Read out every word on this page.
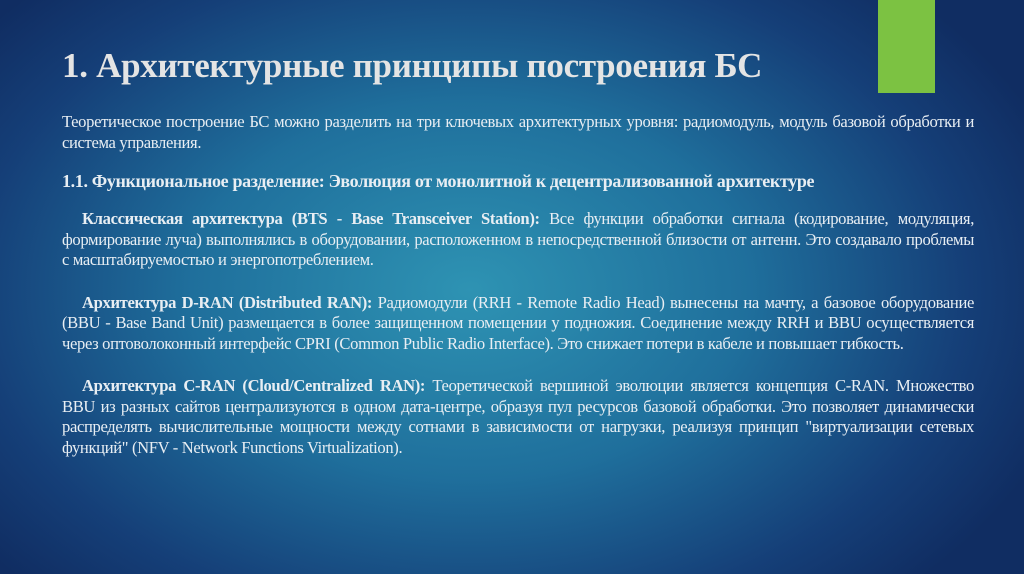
1. Архитектурные принципы построения БС

Теоретическое построение БС можно разделить на три ключевых архитектурных уровня: радиомодуль, модуль базовой обработки и система управления.

1.1. Функциональное разделение: Эволюция от монолитной к децентрализованной архитектуре

Классическая архитектура (BTS - Base Transceiver Station): Все функции обработки сигнала (кодирование, модуляция, формирование луча) выполнялись в оборудовании, расположенном в непосредственной близости от антенн. Это создавало проблемы с масштабируемостью и энергопотреблением.

Архитектура D-RAN (Distributed RAN): Радиомодули (RRH - Remote Radio Head) вынесены на мачту, а базовое оборудование (BBU - Base Band Unit) размещается в более защищенном помещении у подножия. Соединение между RRH и BBU осуществляется через оптоволоконный интерфейс CPRI (Common Public Radio Interface). Это снижает потери в кабеле и повышает гибкость.

Архитектура C-RAN (Cloud/Centralized RAN): Теоретической вершиной эволюции является концепция C-RAN. Множество BBU из разных сайтов централизуются в одном дата-центре, образуя пул ресурсов базовой обработки. Это позволяет динамически распределять вычислительные мощности между сотнами в зависимости от нагрузки, реализуя принцип "виртуализации сетевых функций" (NFV - Network Functions Virtualization).
